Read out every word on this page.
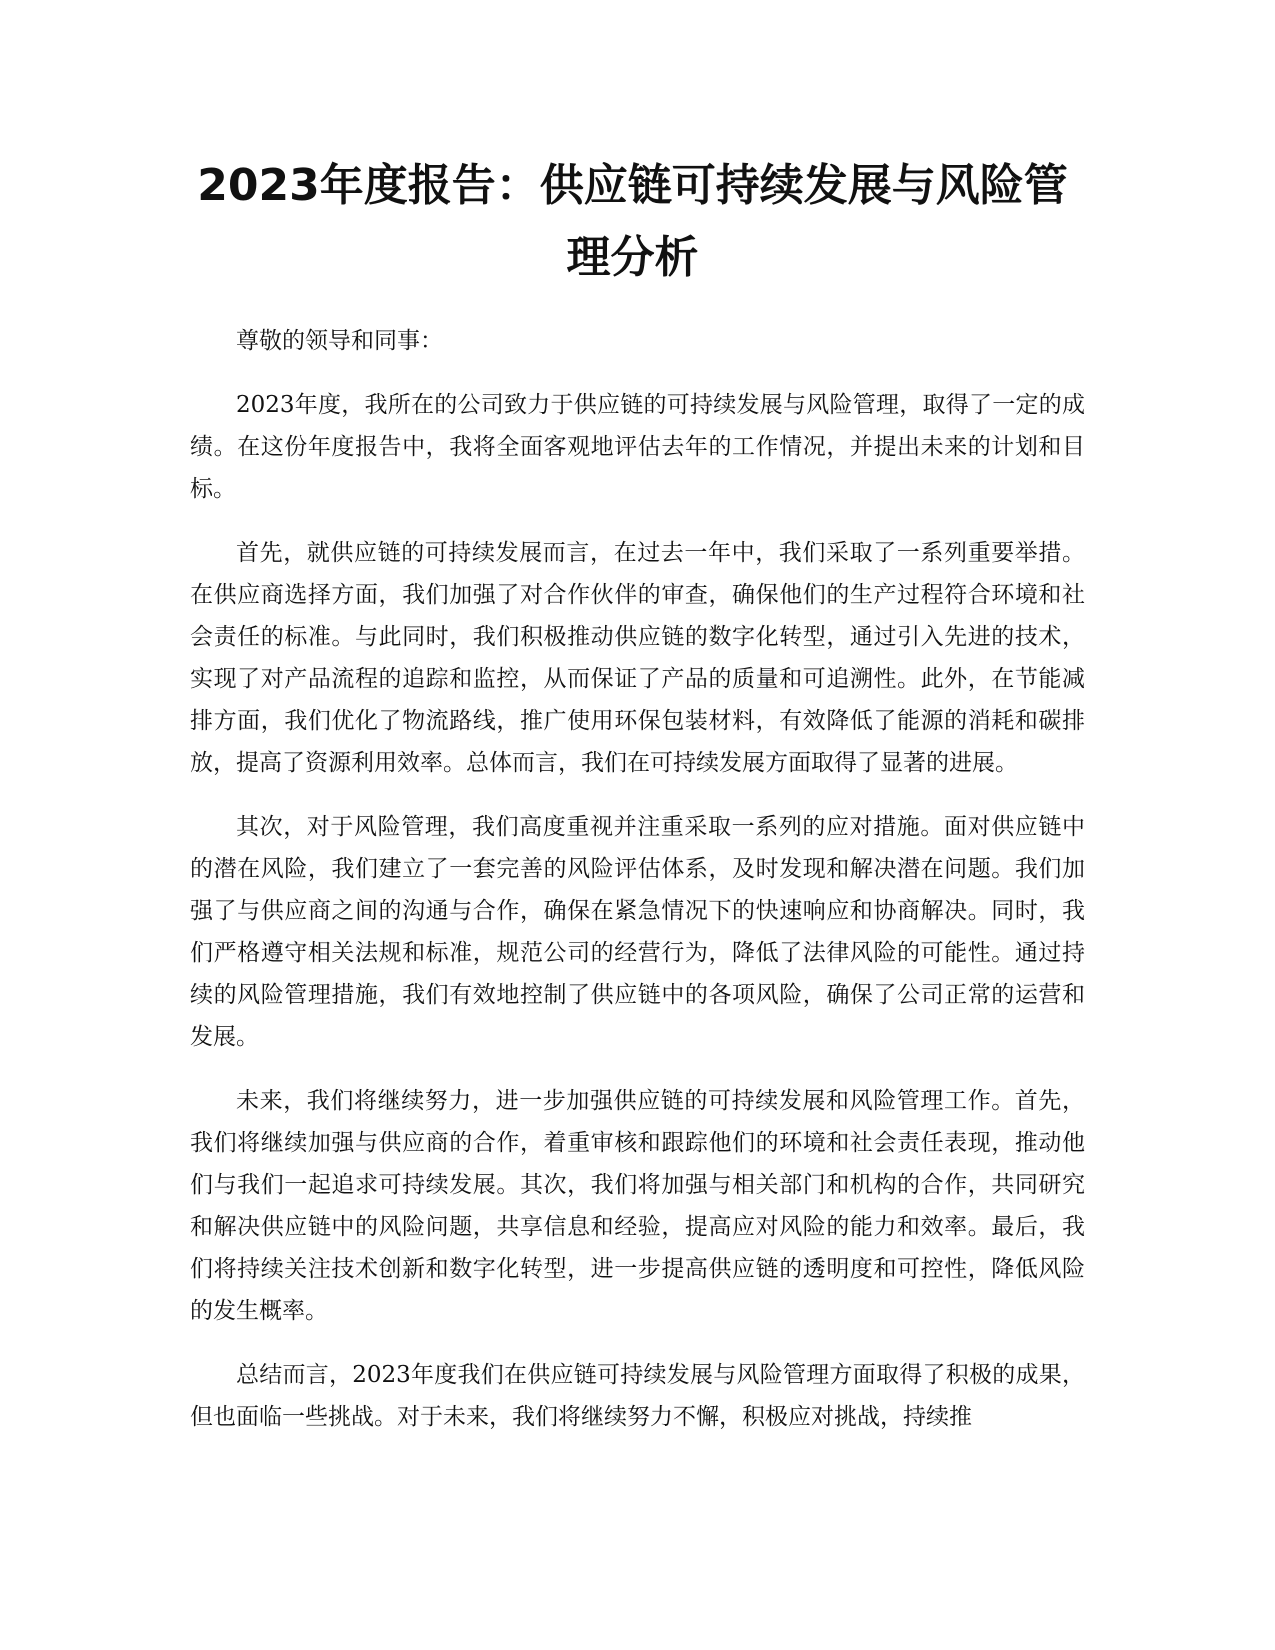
2023年度报告：供应链可持续发展与风险管理分析

尊敬的领导和同事：

2023年度，我所在的公司致力于供应链的可持续发展与风险管理，取得了一定的成绩。在这份年度报告中，我将全面客观地评估去年的工作情况，并提出未来的计划和目标。

首先，就供应链的可持续发展而言，在过去一年中，我们采取了一系列重要举措。在供应商选择方面，我们加强了对合作伙伴的审查，确保他们的生产过程符合环境和社会责任的标准。与此同时，我们积极推动供应链的数字化转型，通过引入先进的技术，实现了对产品流程的追踪和监控，从而保证了产品的质量和可追溯性。此外，在节能减排方面，我们优化了物流路线，推广使用环保包装材料，有效降低了能源的消耗和碳排放，提高了资源利用效率。总体而言，我们在可持续发展方面取得了显著的进展。

其次，对于风险管理，我们高度重视并注重采取一系列的应对措施。面对供应链中的潜在风险，我们建立了一套完善的风险评估体系，及时发现和解决潜在问题。我们加强了与供应商之间的沟通与合作，确保在紧急情况下的快速响应和协商解决。同时，我们严格遵守相关法规和标准，规范公司的经营行为，降低了法律风险的可能性。通过持续的风险管理措施，我们有效地控制了供应链中的各项风险，确保了公司正常的运营和发展。

未来，我们将继续努力，进一步加强供应链的可持续发展和风险管理工作。首先，我们将继续加强与供应商的合作，着重审核和跟踪他们的环境和社会责任表现，推动他们与我们一起追求可持续发展。其次，我们将加强与相关部门和机构的合作，共同研究和解决供应链中的风险问题，共享信息和经验，提高应对风险的能力和效率。最后，我们将持续关注技术创新和数字化转型，进一步提高供应链的透明度和可控性，降低风险的发生概率。

总结而言，2023年度我们在供应链可持续发展与风险管理方面取得了积极的成果，但也面临一些挑战。对于未来，我们将继续努力不懈，积极应对挑战，持续推
